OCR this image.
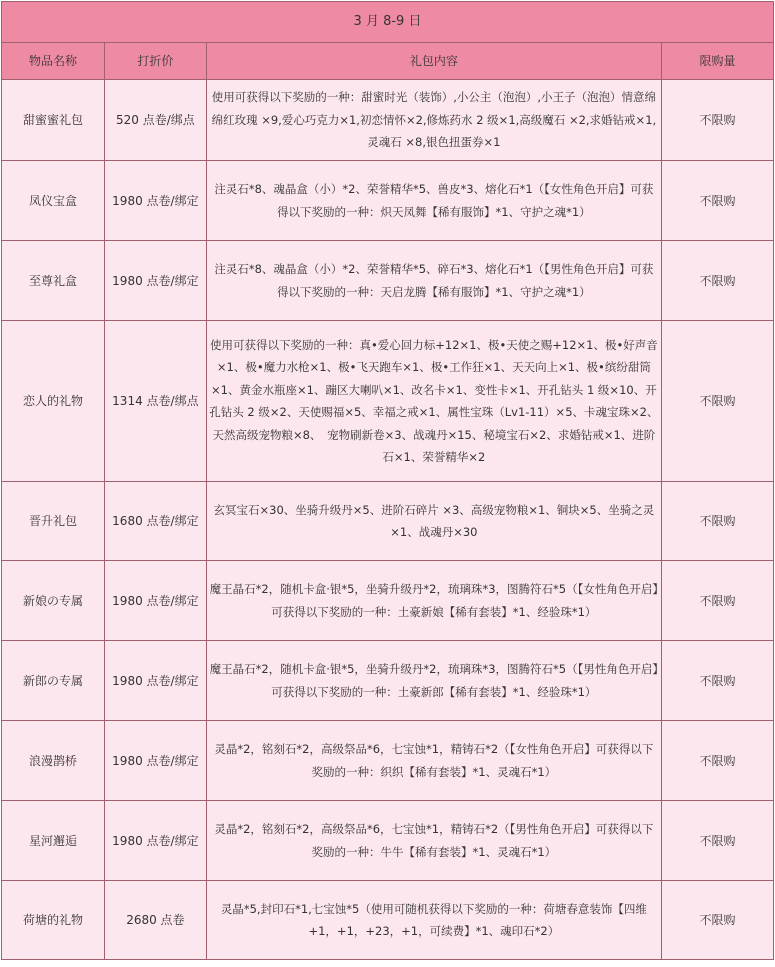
3 月 8-9 日			
物品名称	打折价	礼包内容	限购量
甜蜜蜜礼包	520 点卷/绑点	使用可获得以下奖励的一种：甜蜜时光（装饰）,小公主（泡泡）,小王子（泡泡）情意绵绵红玫瑰 ×9,爱心巧克力×1,初恋情怀×2,修炼药水 2 级×1,高级魔石 ×2,求婚钻戒×1,灵魂石 ×8,银色扭蛋券×1	不限购
凤仪宝盒	1980 点卷/绑定	注灵石*8、魂晶盒（小）*2、荣誉精华*5、兽皮*3、熔化石*1（【女性角色开启】可获得以下奖励的一种：炽天凤舞【稀有服饰】*1、守护之魂*1）	不限购
至尊礼盒	1980 点卷/绑定	注灵石*8、魂晶盒（小）*2、荣誉精华*5、碎石*3、熔化石*1（【男性角色开启】可获得以下奖励的一种：天启龙腾【稀有服饰】*1、守护之魂*1）	不限购
恋人的礼物	1314 点卷/绑点	使用可获得以下奖励的一种：真•爱心回力标+12×1、极•天使之赐+12×1、极•好声音×1、极•魔力水枪×1、极•飞天跑车×1、极•工作狂×1、天天向上×1、极•缤纷甜筒×1、黄金水瓶座×1、蹦区大喇叭×1、改名卡×1、变性卡×1、开孔钻头 1 级×10、开孔钻头 2 级×2、天使赐福×5、幸福之戒×1、属性宝珠（Lv1-11）×5、卡魂宝珠×2、天然高级宠物粮×8、　宠物刷新卷×3、战魂丹×15、秘境宝石×2、求婚钻戒×1、进阶石×1、荣誉精华×2	不限购
晋升礼包	1680 点卷/绑定	玄冥宝石×30、坐骑升级丹×5、进阶石碎片 ×3、高级宠物粮×1、铜块×5、坐骑之灵×1、战魂丹×30	不限购
新娘の专属	1980 点卷/绑定	魔王晶石*2，随机卡盒·银*5，坐骑升级丹*2，琉璃珠*3，图腾符石*5（【女性角色开启】可获得以下奖励的一种：土豪新娘【稀有套装】*1、经验珠*1）	不限购
新郎の专属	1980 点卷/绑定	魔王晶石*2，随机卡盒·银*5，坐骑升级丹*2，琉璃珠*3，图腾符石*5（【男性角色开启】可获得以下奖励的一种：土豪新郎【稀有套装】*1、经验珠*1）	不限购
浪漫鹊桥	1980 点卷/绑定	灵晶*2，铭刻石*2，高级祭品*6，七宝蚀*1，精铸石*2（【女性角色开启】可获得以下奖励的一种：织织【稀有套装】*1、灵魂石*1）	不限购
星河邂逅	1980 点卷/绑定	灵晶*2，铭刻石*2，高级祭品*6，七宝蚀*1，精铸石*2（【男性角色开启】可获得以下奖励的一种：牛牛【稀有套装】*1、灵魂石*1）	不限购
荷塘的礼物	2680 点卷	灵晶*5,封印石*1,七宝蚀*5（使用可随机获得以下奖励的一种：荷塘春意装饰【四维+1，+1，+23，+1，可续费】*1、魂印石*2）	不限购
